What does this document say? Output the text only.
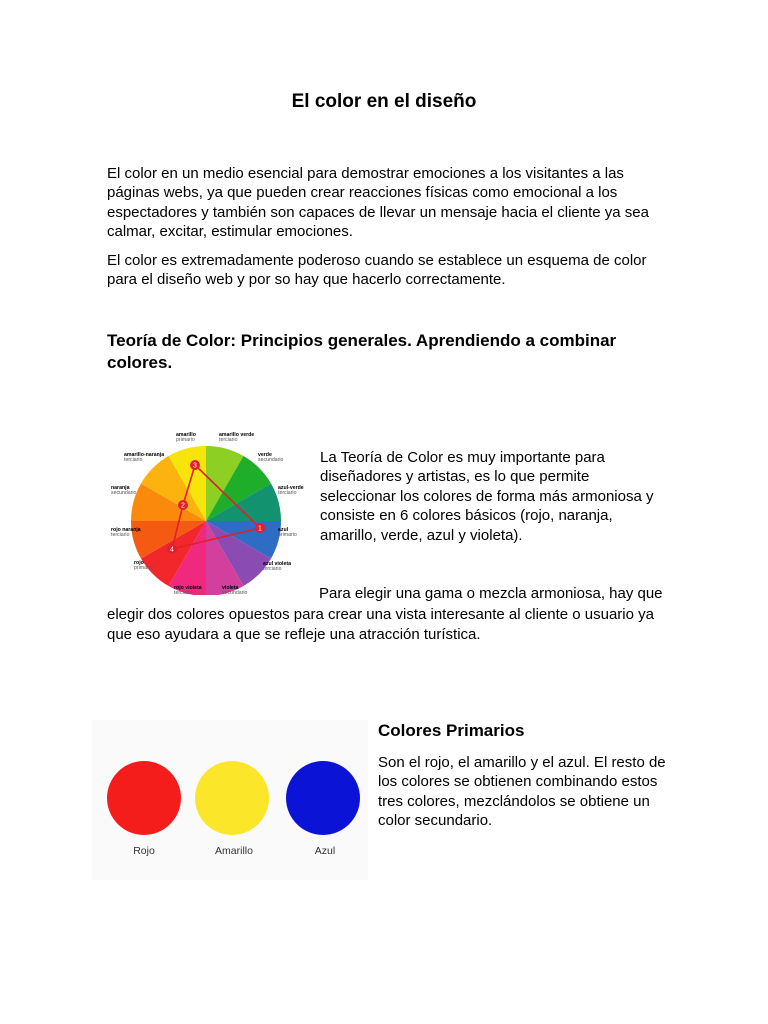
El color en el diseño

El color en un medio esencial para demostrar emociones a los visitantes a las páginas webs, ya que pueden crear reacciones físicas como emocional a los espectadores y también son capaces de llevar un mensaje hacia el cliente ya sea calmar, excitar, estimular emociones.

El color es extremadamente poderoso cuando se establece un esquema de color para el diseño web y por so hay que hacerlo correctamente.

Teoría de Color: Principios generales. Aprendiendo a combinar colores.
3
2
1
4
amarillo
primario
amarillo verde
terciario
amarillo-naranja
terciario
verde
secundario
naranja
secundario
azul-verde
terciario
azul
primario
rojo naranja
terciario
rojo
primario
azul violeta
terciario
rojo violeta
terciario
violeta
secundario

La Teoría de Color es muy importante para diseñadores y artistas, es lo que permite seleccionar los colores de forma más armoniosa y consiste en 6 colores básicos (rojo, naranja, amarillo, verde, azul y violeta).

Para elegir una gama o mezcla armoniosa, hay que elegir dos colores opuestos para crear una vista interesante al cliente o usuario ya que eso ayudara a que se refleje una atracción turística.

Rojo	Amarillo	Azul
Colores Primarios

Son el rojo, el amarillo y el azul. El resto de los colores se obtienen combinando estos tres colores, mezclándolos se obtiene un color secundario.
